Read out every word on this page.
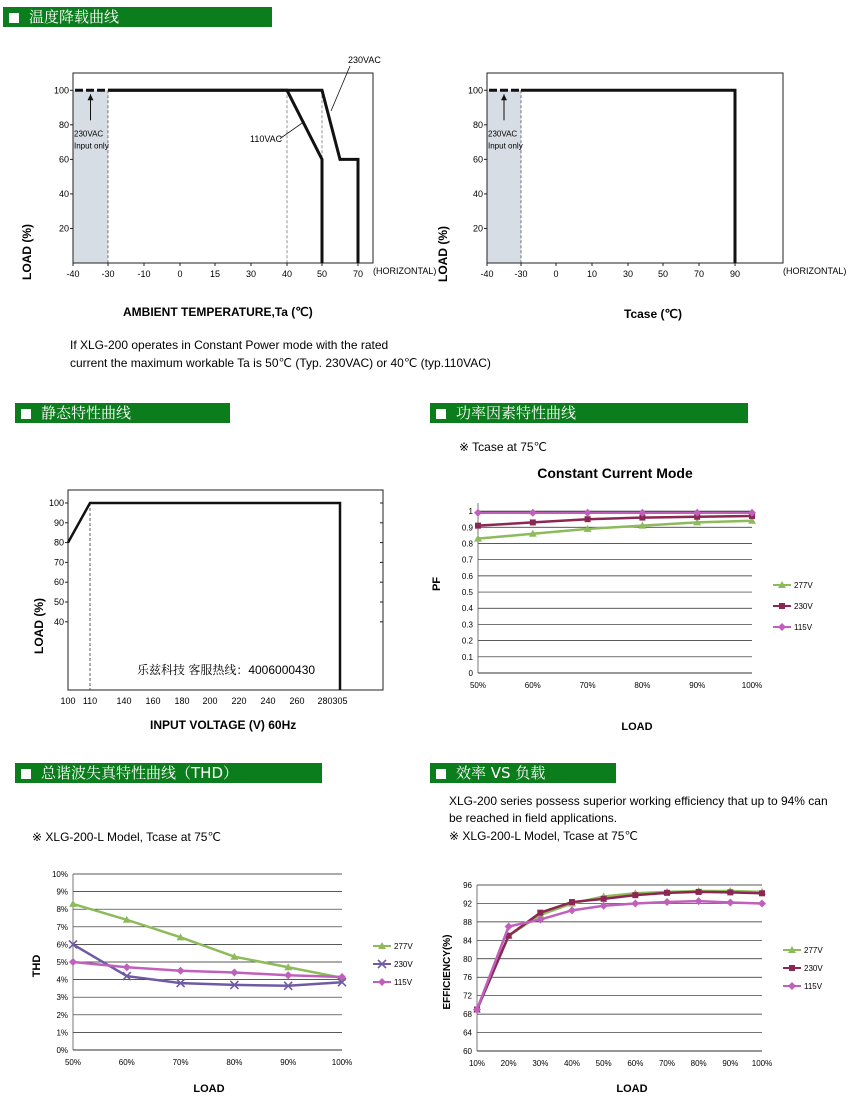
温度降载曲线
静态特性曲线	功率因素特性曲线
总谐波失真特性曲线（THD）	效率 VS 负载
If XLG-200 operates in Constant Power mode with the rated
current the maximum workable Ta is 50℃ (Typ. 230VAC) or 40℃ (typ.110VAC)
※ Tcase at 75℃
※ XLG-200-L Model, Tcase at 75℃
XLG-200 series possess superior working efficiency that up to 94% can
be reached in field applications.
※ XLG-200-L Model, Tcase at 75℃
20
40
60
80
100
-40 -30	-10	0	15	30	40	50	70
230VAC
110VAC
230VAC
Input only
AMBIENT TEMPERATURE,Ta (℃)
LOAD (%)	(HORIZONTAL)
20
40
60
80
100
-40 -30	0	10	30	50	70	90
230VAC
Input only
Tcase (℃)
LOAD (%)	(HORIZONTAL)
40
50
60
70
80
90
100
100 110 140 160 180 200 220 240 260 280 305
INPUT VOLTAGE (V) 60Hz
LOAD (%)
乐兹科技 客服热线：4006000430	0
0.1
0.2
0.3
0.4
0.5
0.6
0.7
0.8
0.9
1
50%	60%	70%	80%	90%	100%
277V
230V
115V
Constant Current Mode
LOAD
PF
0%
1%
2%
3%
4%
5%
6%
7%
8%
9%
10%
50%	60%	70%	80%	90%	100%
277V
230V
115V
LOAD
THD
60
64
68
72
76
80
84
88
92
96
10% 20% 30% 40% 50% 60% 70% 80% 90% 100%
277V
230V
115V
LOAD
EFFICIENCY(%)
